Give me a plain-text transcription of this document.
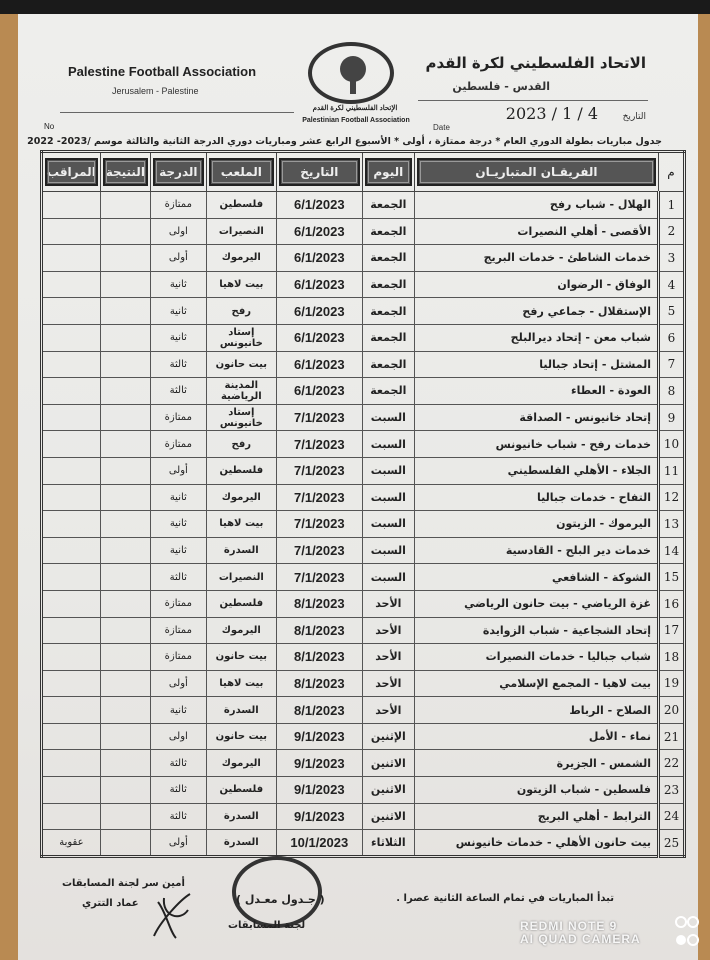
Palestine Football Association
Jerusalem - Palestine
الاتحاد الفلسطيني لكرة القدم
القدس - فلسطين
الإتحاد الفلسطيني لكرة القدم
Palestinian Football Association	التاريخ
2023 / 1 / 4
Date
No
جدول مباريات بطولة الدوري العام * درجة ممتازة ، أولى * الأسبوع الرابع عشر ومباريات دوري الدرجة الثانية والثالثة موسم /2023- 2022
م	الفريقـان المتباريـان	اليوم	التاريخ	الملعب	الدرجة	النتيجة	المراقب

1	الهلال - شباب رفح	الجمعة	6/1/2023	فلسطين	ممتازة		
2	الأقصى - أهلي النصيرات	الجمعة	6/1/2023	النصيرات	اولى		
3	خدمات الشاطئ - خدمات البريج	الجمعة	6/1/2023	اليرموك	أولى		
4	الوفاق - الرضوان	الجمعة	6/1/2023	بيت لاهيا	ثانية		
5	الإستقلال - جماعي رفح	الجمعة	6/1/2023	رفح	ثانية		
6	شباب معن - إتحاد ديرالبلح	الجمعة	6/1/2023	إستاد خانيونس	ثانية		
7	المشتل - إتحاد جباليا	الجمعة	6/1/2023	بيت حانون	ثالثة		
8	العودة - العطاء	الجمعة	6/1/2023	المدينة الرياضية	ثالثة		
9	إتحاد خانيونس - الصداقة	السبت	7/1/2023	إستاد خانيونس	ممتازة		
10	خدمات رفح - شباب خانيونس	السبت	7/1/2023	رفح	ممتازة		
11	الجلاء - الأهلي الفلسطيني	السبت	7/1/2023	فلسطين	أولى		
12	التفاح - خدمات جباليا	السبت	7/1/2023	اليرموك	ثانية		
13	اليرموك - الزيتون	السبت	7/1/2023	بيت لاهيا	ثانية		
14	خدمات دير البلح - القادسية	السبت	7/1/2023	السدرة	ثانية		
15	الشوكة - الشافعي	السبت	7/1/2023	النصيرات	ثالثة		
16	غزة الرياضي - بيت حانون الرياضي	الأحد	8/1/2023	فلسطين	ممتازة		
17	إتحاد الشجاعية - شباب الزوايدة	الأحد	8/1/2023	اليرموك	ممتازة		
18	شباب جباليا - خدمات النصيرات	الأحد	8/1/2023	بيت حانون	ممتازة		
19	بيت لاهيا - المجمع الإسلامي	الأحد	8/1/2023	بيت لاهيا	أولى		
20	الصلاح - الرباط	الأحد	8/1/2023	السدرة	ثانية		
21	نماء - الأمل	الإثنين	9/1/2023	بيت حانون	اولى		
22	الشمس - الجزيرة	الاثنين	9/1/2023	اليرموك	ثالثة		
23	فلسطين - شباب الزيتون	الاثنين	9/1/2023	فلسطين	ثالثة		
24	الترابط - أهلي البريج	الاثنين	9/1/2023	السدرة	ثالثة		
25	بيت حانون الأهلي - خدمات خانيونس	الثلاثاء	10/1/2023	السدرة	أولى		عقوبة
لجنة المسابقات
تبدأ المباريات في تمام الساعة الثانية عصرا .
( جـدول معـدل )
أمين سر لجنة المسابقات
عماد التتري
REDMI NOTE 9
AI QUAD CAMERA
